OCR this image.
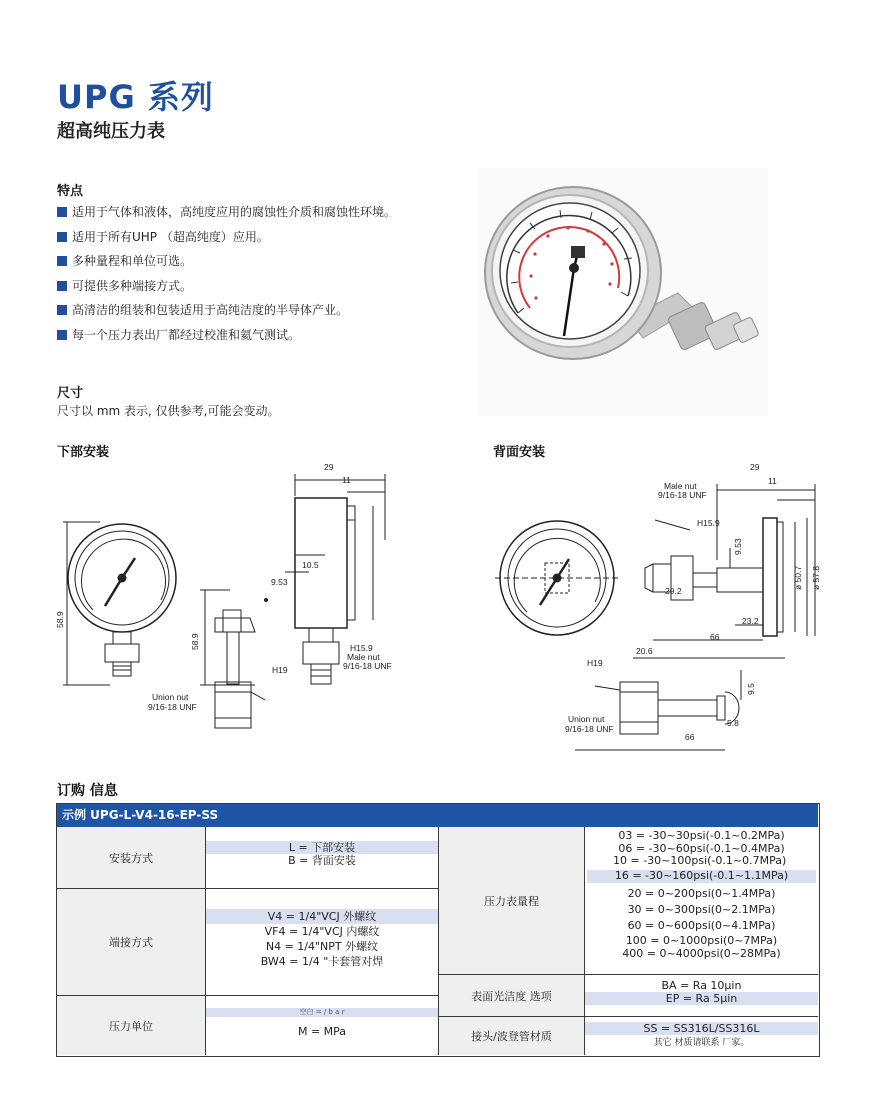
UPG 系列
超高纯压力表
特点
适用于气体和液体，高纯度应用的腐蚀性介质和腐蚀性环境。
适用于所有UHP （超高纯度）应用。
多种量程和单位可选。
可提供多种端接方式。
高清洁的组装和包装适用于高纯洁度的半导体产业。
每一个压力表出厂都经过校准和氦气测试。
尺寸
尺寸以 mm 表示, 仅供参考,可能会变动。
下部安装	背面安装
29
11
10.5
9.53
58.9
58.9	H15.9
Male nut
9/16-18 UNF
H19
Union nut
9/16-18 UNF
29
11
Male nut
9/16-18 UNF
H15.9
9.53
ø 50.7 ø 57.8
29.2
23.2
66
20.6
H19
9.5
66
5.8
Union nut
9/16-18 UNF
订购 信息
示例 UPG-L-V4-16-EP-SS
安装方式
L = 下部安装
B = 背面安装
端接方式
V4 = 1/4"VCJ 外螺纹
VF4 = 1/4"VCJ 内螺纹
N4 = 1/4"NPT 外螺纹
BW4 = 1/4 "卡套管对焊
压力单位
空白 = / b a r
M = MPa
压力表量程
03 = -30~30psi(-0.1~0.2MPa)
06 = -30~60psi(-0.1~0.4MPa)
10 = -30~100psi(-0.1~0.7MPa)
16 = -30~160psi(-0.1~1.1MPa)
20 = 0~200psi(0~1.4MPa)
30 = 0~300psi(0~2.1MPa)
60 = 0~600psi(0~4.1MPa)
100 = 0~1000psi(0~7MPa)
400 = 0~4000psi(0~28MPa)
表面光洁度 选项
BA = Ra 10μin
EP = Ra 5μin
接头/波登管材质
SS = SS316L/SS316L
其它 材质请联系 厂家。
